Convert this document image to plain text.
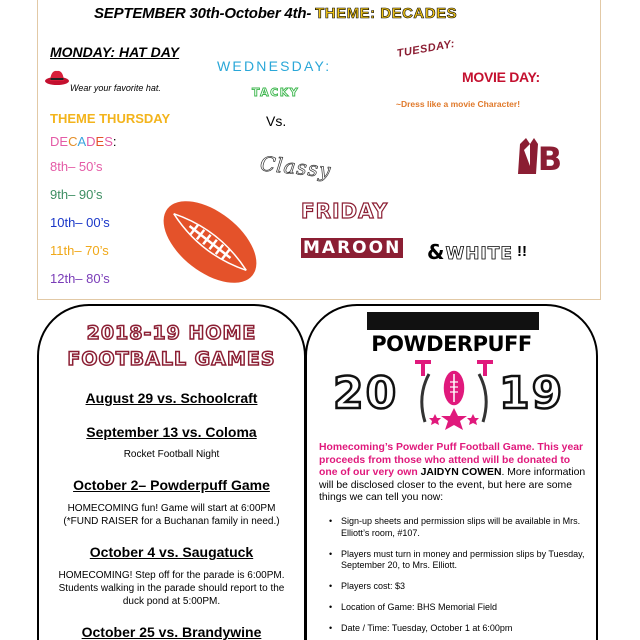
SEPTEMBER 30th-October 4th- THEME: DECADES
MONDAY: HAT DAY
Wear your favorite hat.
WEDNESDAY:
TACKY
Vs.
Classy
TUESDAY:
MOVIE DAY:
~Dress like a movie Character!
THEME THURSDAY
DECADES:
8th– 50’s
9th– 90’s
10th– 00’s
11th– 70’s
12th– 80’s
B
FRIDAY
MAROON &WHITE !!
2018-19 HOME
FOOTBALL GAMES
August 29 vs. Schoolcraft
September 13 vs. Coloma
Rocket Football Night
October 2– Powderpuff Game
HOMECOMING fun! Game will start at 6:00PM (*FUND RAISER for a Buchanan family in need.)
October 4 vs. Saugatuck
HOMECOMING! Step off for the parade is 6:00PM. Students walking in the parade should report to the duck pond at 5:00PM.
October 25 vs. Brandywine
POWDERPUFF
20 19
Homecoming’s Powder Puff Football Game. This year proceeds from those who attend will be donated to one of our very own JAIDYN COWEN. More information will be disclosed closer to the event, but here are some things we can tell you now:
• Sign-up sheets and permission slips will be available in Mrs. Elliott’s room, #107.
• Players must turn in money and permission slips by Tuesday, September 20, to Mrs. Elliott.
• Players cost: $3
• Location of Game: BHS Memorial Field
• Date / Time: Tuesday, October 1 at 6:00pm
